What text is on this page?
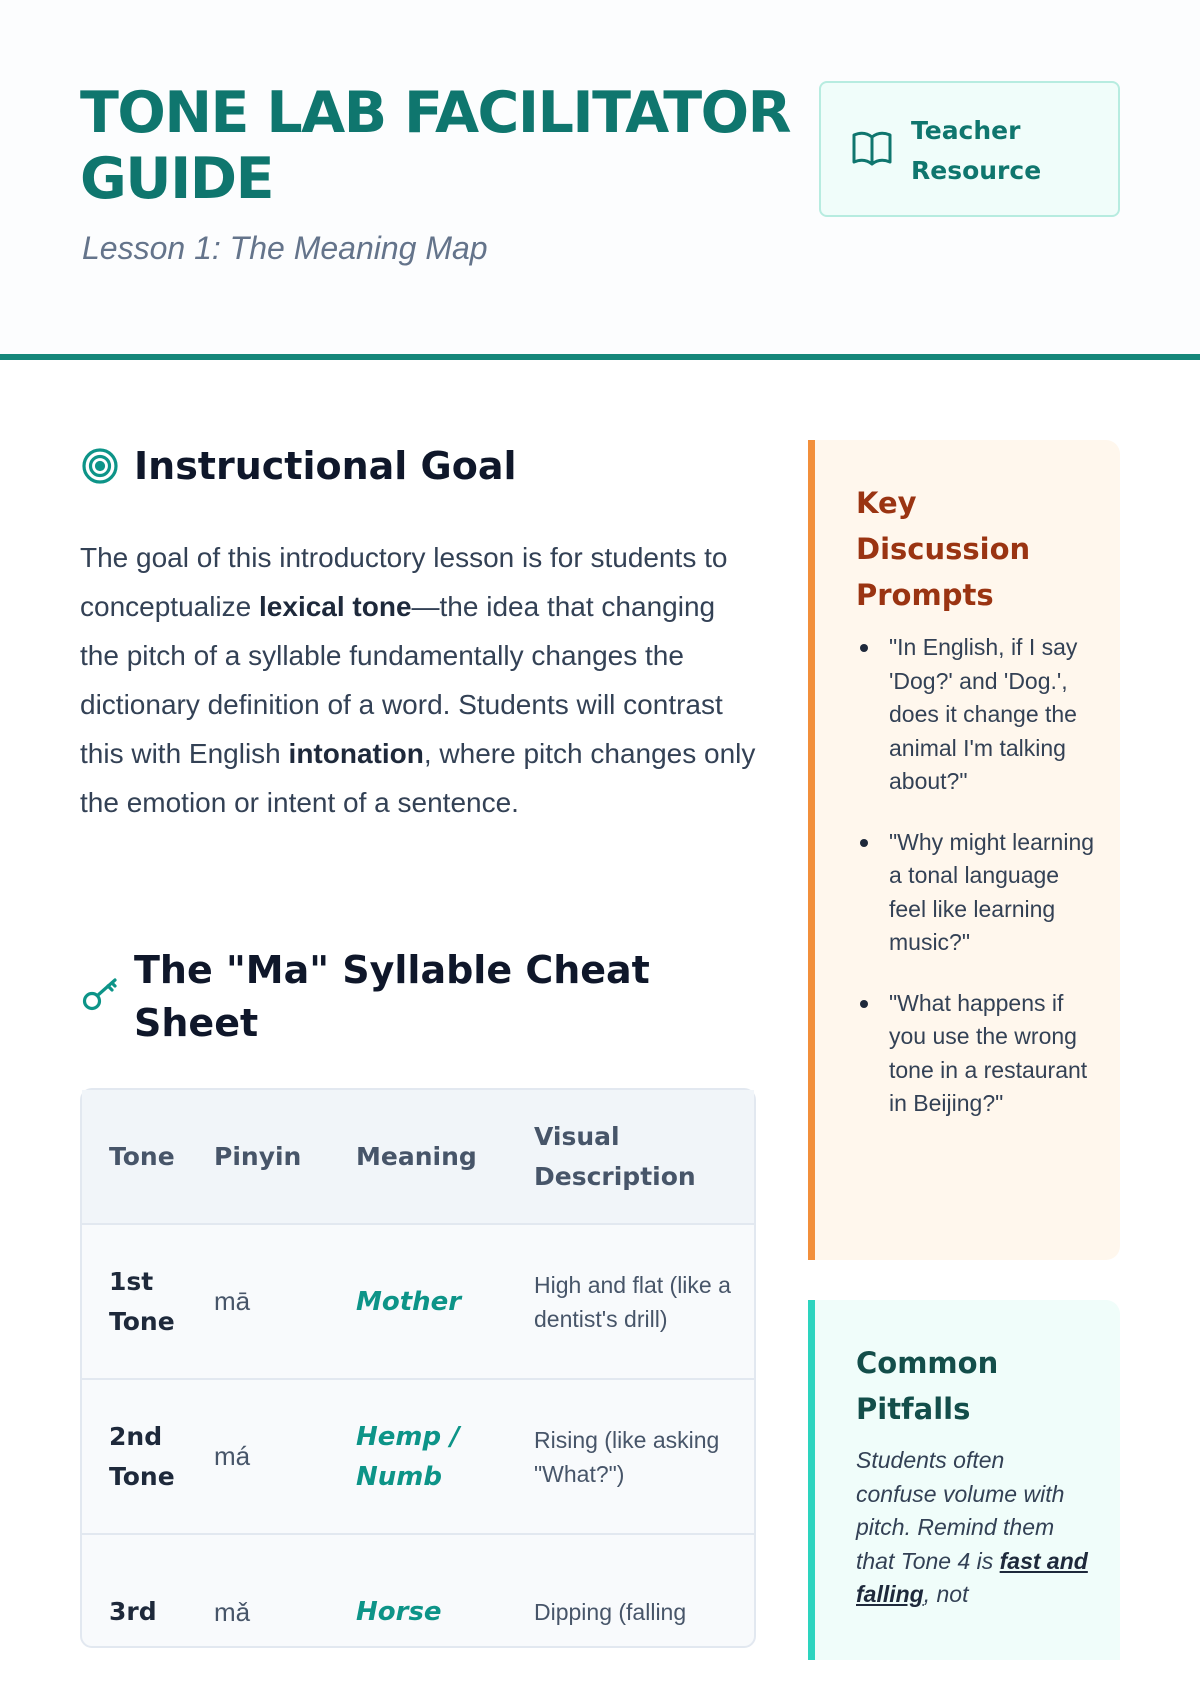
TONE LAB FACILITATOR GUIDE
Lesson 1: The Meaning Map
Teacher Resource
Instructional Goal

The goal of this introductory lesson is for students to conceptualize lexical tone—the idea that changing the pitch of a syllable fundamentally changes the dictionary definition of a word. Students will contrast this with English intonation, where pitch changes only the emotion or intent of a sentence.

The "Ma" Syllable Cheat Sheet
Tone	Pinyin	Meaning	Visual Description
1st Tone	mā	Mother	High and flat (like a dentist's drill)
2nd Tone	má	Hemp / Numb	Rising (like asking "What?")
3rd	mǎ	Horse	Dipping (falling
Key Discussion Prompts
"In English, if I say 'Dog?' and 'Dog.', does it change the animal I'm talking about?"
"Why might learning a tonal language feel like learning music?"
"What happens if you use the wrong tone in a restaurant in Beijing?"
Common Pitfalls

Students often confuse volume with pitch. Remind them that Tone 4 is fast and falling, not
